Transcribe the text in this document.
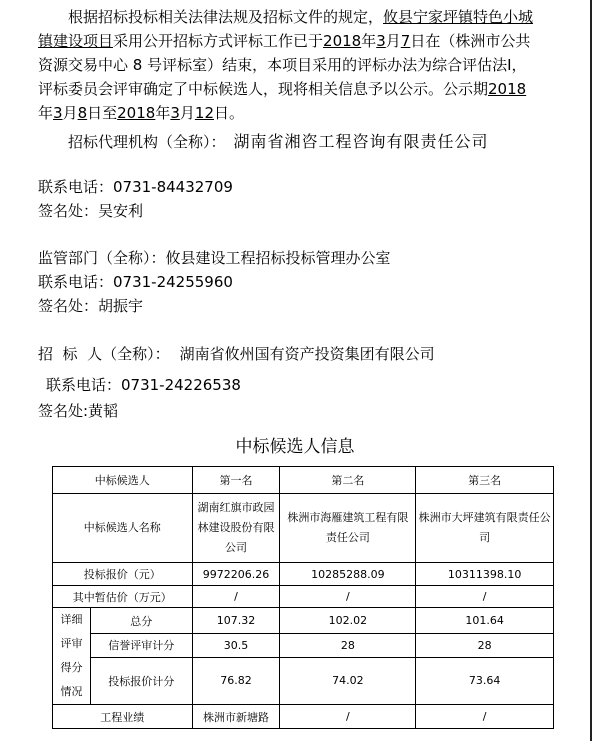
根据招标投标相关法律法规及招标文件的规定，攸县宁家坪镇特色小城镇建设项目采用公开招标方式评标工作已于2018年3月7日在（株洲市公共资源交易中心 8 号评标室）结束，本项目采用的评标办法为综合评估法Ⅰ，评标委员会评审确定了中标候选人，现将相关信息予以公示。公示期2018年3月8日至2018年3月12日。
招标代理机构（全称）： 湖南省湘咨工程咨询有限责任公司
联系电话：0731-84432709
签名处：吴安利
监管部门（全称）：攸县建设工程招标投标管理办公室
联系电话：0731-24255960
签名处：胡振宇
招  标  人（全称）： 湖南省攸州国有资产投资集团有限公司
联系电话：0731-24226538
签名处:黄韬
中标候选人信息
中标候选人		第一名	第二名	第三名
中标候选人名称		湖南红旗市政园林建设股份有限公司	株洲市海雁建筑工程有限责任公司	株洲市大坪建筑有限责任公司
投标报价（元）		9972206.26	10285288.09	10311398.10
其中暂估价（万元）		/	/	/
详细评审得分情况	总分	107.32	102.02	101.64
	信誉评审计分	30.5	28	28
	投标报价计分	76.82	74.02	73.64
工程业绩		株洲市新塘路	/	/
